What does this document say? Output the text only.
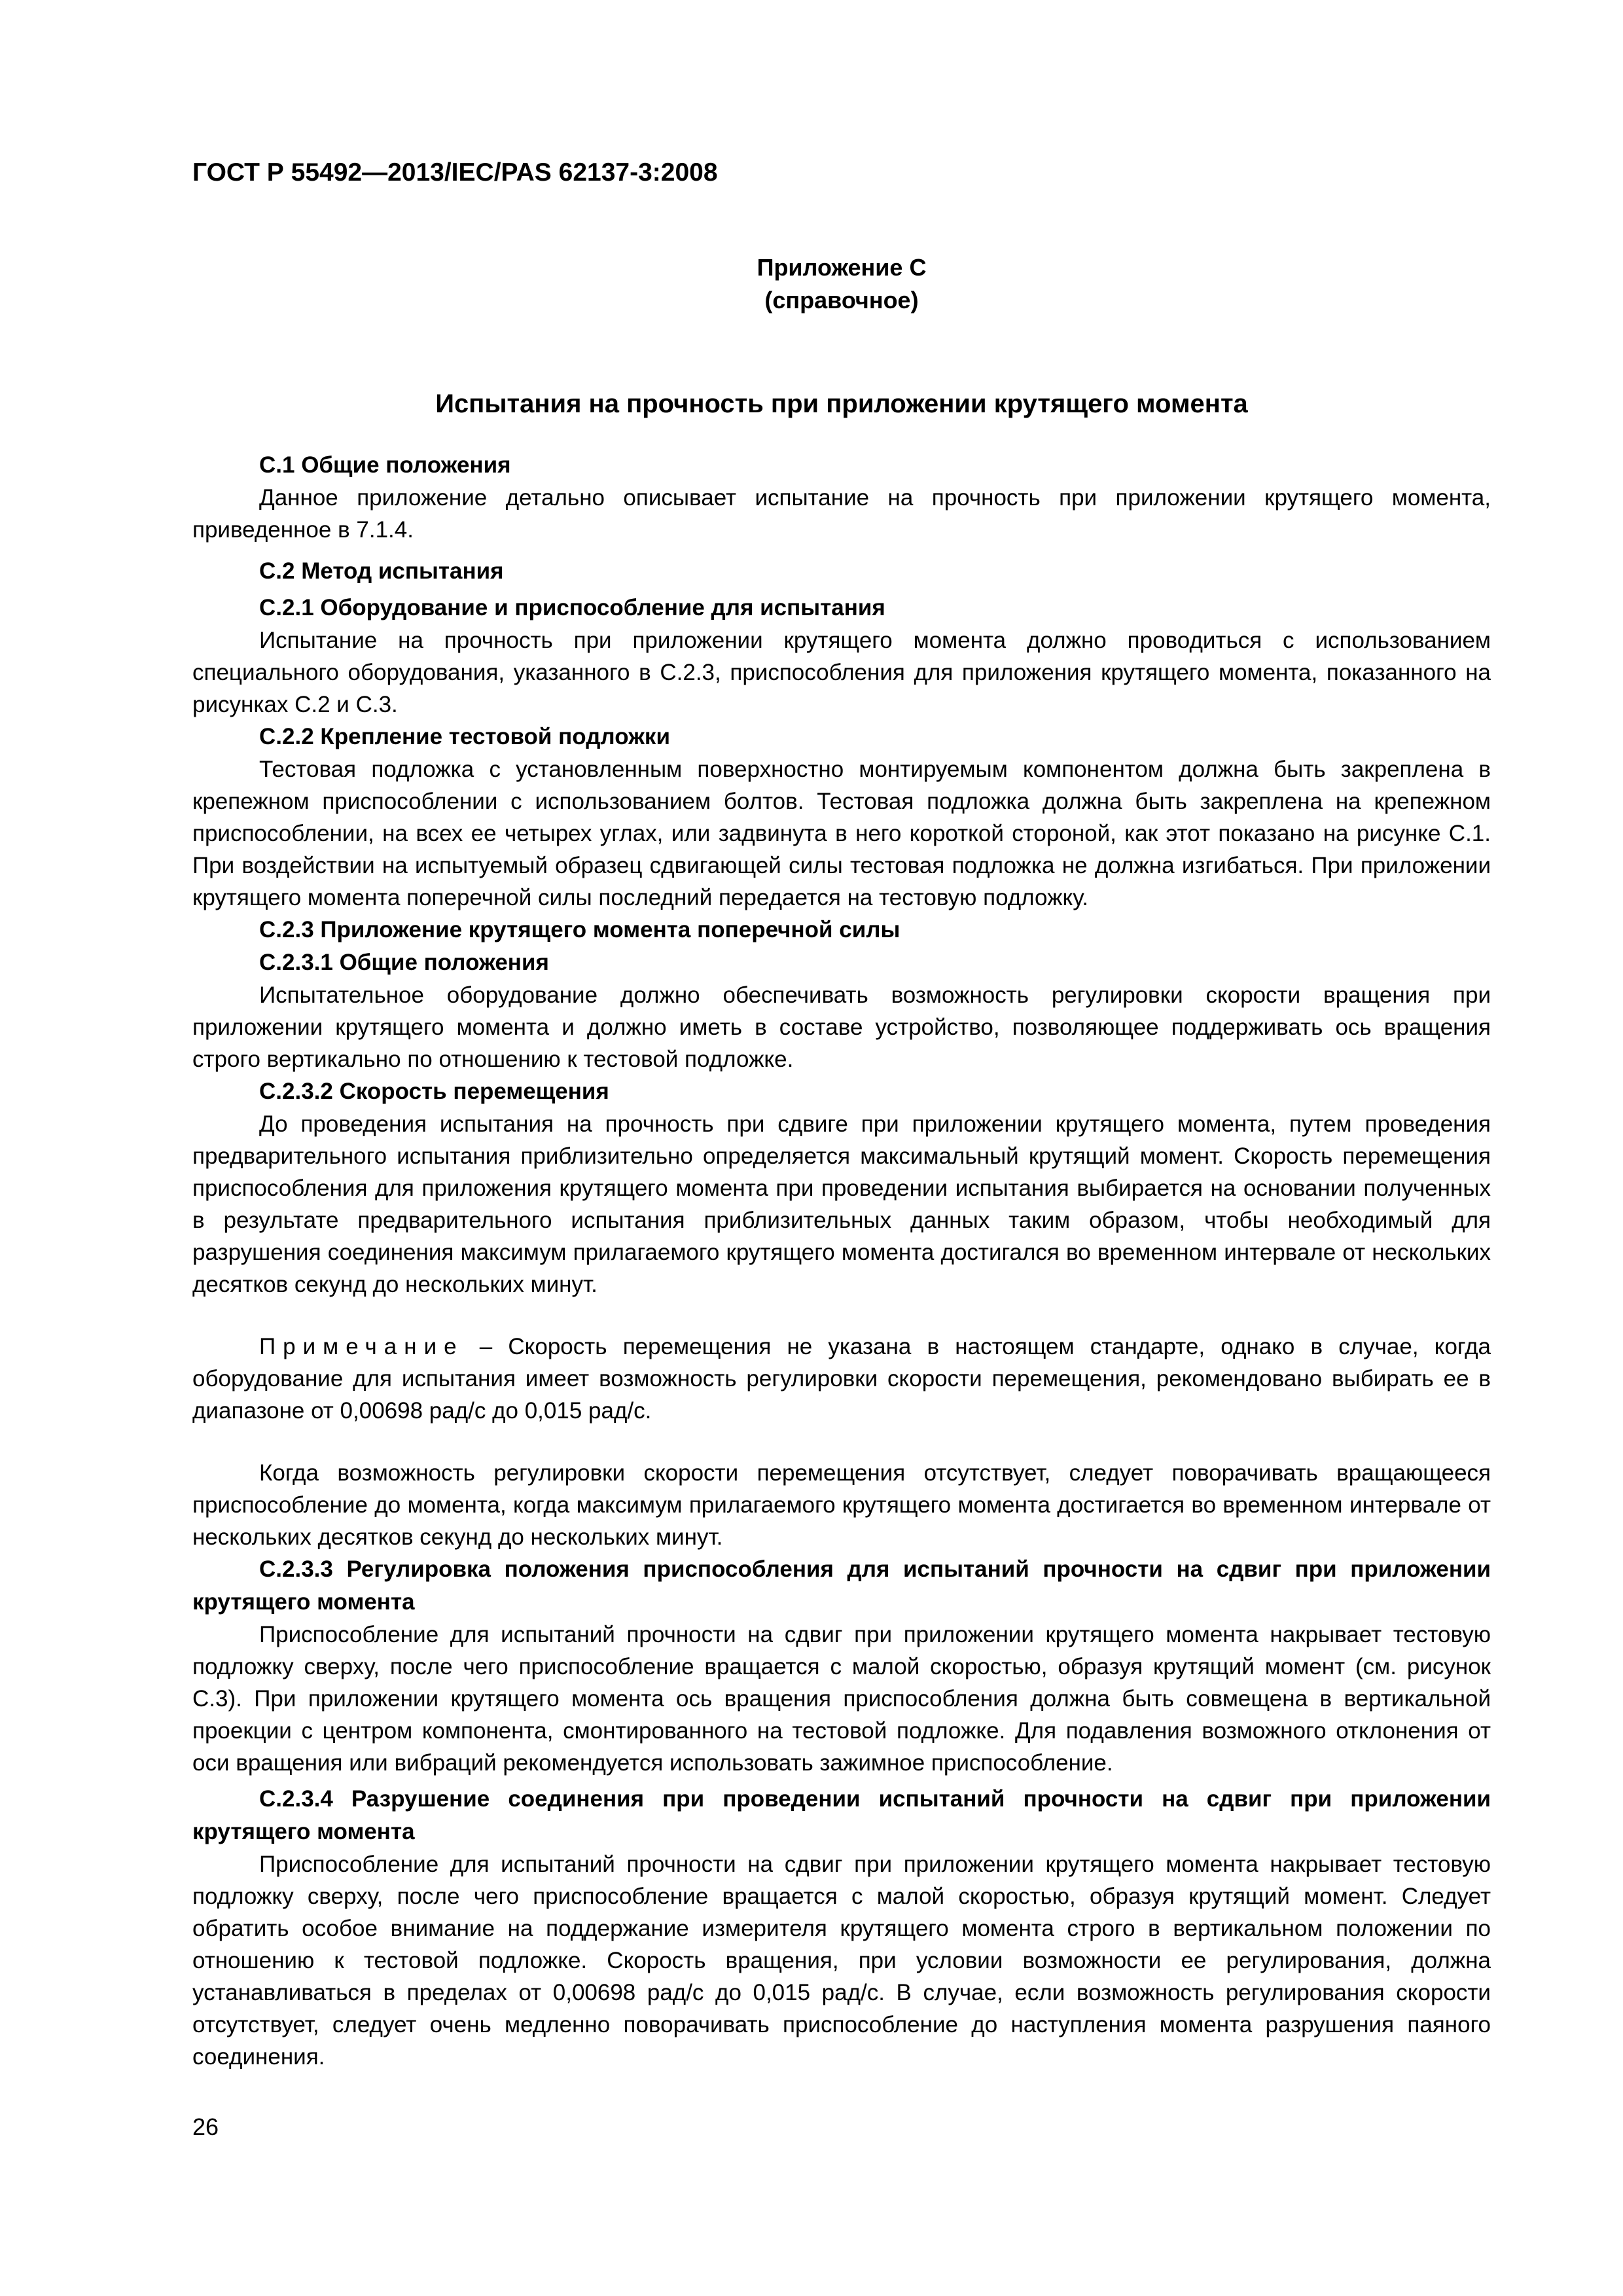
ГОСТ Р 55492—2013/IEC/PAS 62137-3:2008

Приложение С
(справочное)
Испытания на прочность при приложении крутящего момента

С.1 Общие положения

Данное приложение детально описывает испытание на прочность при приложении крутящего момента, приведенное в 7.1.4.

С.2 Метод испытания

С.2.1 Оборудование и приспособление для испытания

Испытание на прочность при приложении крутящего момента должно проводиться с использованием специального оборудования, указанного в С.2.3, приспособления для приложения крутящего момента, показанного на рисунках С.2 и С.3.

С.2.2 Крепление тестовой подложки

Тестовая подложка с установленным поверхностно монтируемым компонентом должна быть закреплена в крепежном приспособлении с использованием болтов. Тестовая подложка должна быть закреплена на крепежном приспособлении, на всех ее четырех углах, или задвинута в него короткой стороной, как этот показано на рисунке С.1. При воздействии на испытуемый образец сдвигающей силы тестовая подложка не должна изгибаться. При приложении крутящего момента поперечной силы последний передается на тестовую подложку.

С.2.3 Приложение крутящего момента поперечной силы

С.2.3.1 Общие положения

Испытательное оборудование должно обеспечивать возможность регулировки скорости вращения при приложении крутящего момента и должно иметь в составе устройство, позволяющее поддерживать ось вращения строго вертикально по отношению к тестовой подложке.

С.2.3.2 Скорость перемещения

До проведения испытания на прочность при сдвиге при приложении крутящего момента, путем проведения предварительного испытания приблизительно определяется максимальный крутящий момент. Скорость перемещения приспособления для приложения крутящего момента при проведении испытания выбирается на основании полученных в результате предварительного испытания приблизительных данных таким образом, чтобы необходимый для разрушения соединения максимум прилагаемого крутящего момента достигался во временном интервале от нескольких десятков секунд до нескольких минут.

Примечание – Скорость перемещения не указана в настоящем стандарте, однако в случае, когда оборудование для испытания имеет возможность регулировки скорости перемещения, рекомендовано выбирать ее в диапазоне от 0,00698 рад/с до 0,015 рад/с.

Когда возможность регулировки скорости перемещения отсутствует, следует поворачивать вращающееся приспособление до момента, когда максимум прилагаемого крутящего момента достигается во временном интервале от нескольких десятков секунд до нескольких минут.

С.2.3.3 Регулировка положения приспособления для испытаний прочности на сдвиг при приложении крутящего момента

Приспособление для испытаний прочности на сдвиг при приложении крутящего момента накрывает тестовую подложку сверху, после чего приспособление вращается с малой скоростью, образуя крутящий момент (см. рисунок С.3). При приложении крутящего момента ось вращения приспособления должна быть совмещена в вертикальной проекции с центром компонента, смонтированного на тестовой подложке. Для подавления возможного отклонения от оси вращения или вибраций рекомендуется использовать зажимное приспособление.

С.2.3.4 Разрушение соединения при проведении испытаний прочности на сдвиг при приложении крутящего момента

Приспособление для испытаний прочности на сдвиг при приложении крутящего момента накрывает тестовую подложку сверху, после чего приспособление вращается с малой скоростью, образуя крутящий момент. Следует обратить особое внимание на поддержание измерителя крутящего момента строго в вертикальном положении по отношению к тестовой подложке. Скорость вращения, при условии возможности ее регулирования, должна устанавливаться в пределах от 0,00698 рад/с до 0,015 рад/с. В случае, если возможность регулирования скорости отсутствует, следует очень медленно поворачивать приспособление до наступления момента разрушения паяного соединения.

26
